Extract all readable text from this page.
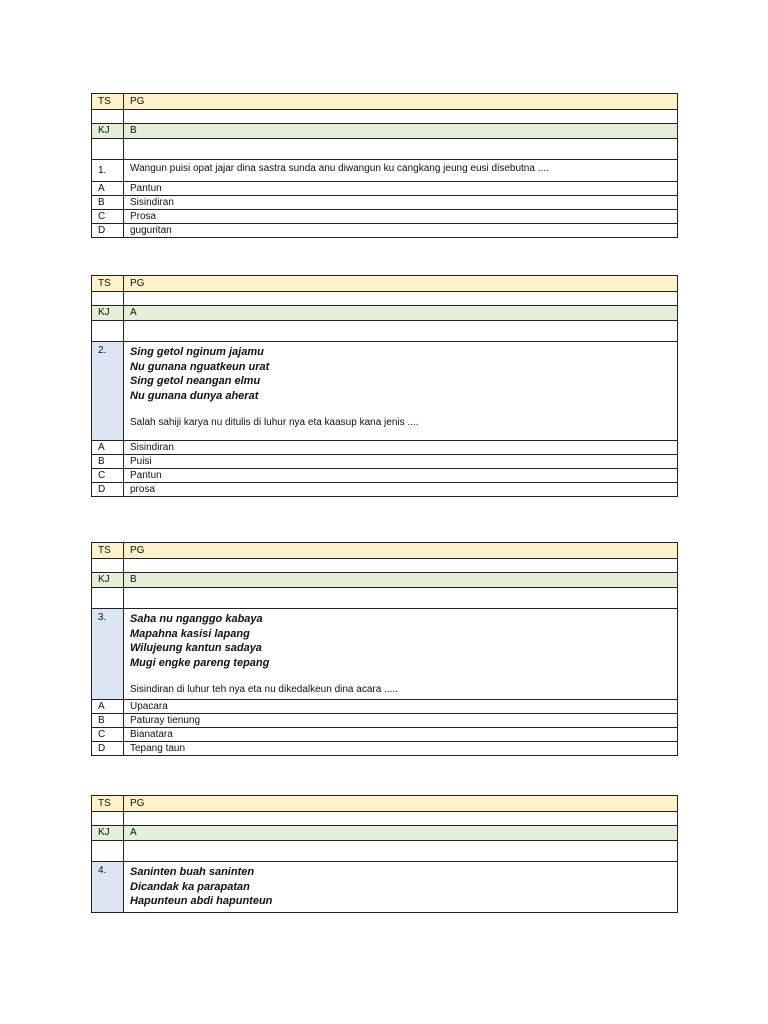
TS	PG

KJ	B

1.	Wangun puisi opat jajar dina sastra sunda anu diwangun ku cangkang jeung eusi disebutna ....
A	Pantun
B	Sisindiran
C	Prosa
D	guguritan
TS	PG

KJ	A

2.	Sing getol nginum jajamu
Nu gunana nguatkeun urat
Sing getol neangan elmu
Nu gunana dunya aherat
Salah sahiji karya nu ditulis di luhur nya eta kaasup kana jenis ....

A	Sisindiran
B	Puisi
C	Pantun
D	prosa
TS	PG

KJ	B

3.	Saha nu nganggo kabaya
Mapahna kasisi lapang
Wilujeung kantun sadaya
Mugi engke pareng tepang
Sisindiran di luhur teh nya eta nu dikedalkeun dina acara .....

A	Upacara
B	Paturay tienung
C	Bianatara
D	Tepang taun
TS	PG

KJ	A

4.	Saninten buah saninten
Dicandak ka parapatan
Hapunteun abdi hapunteun
